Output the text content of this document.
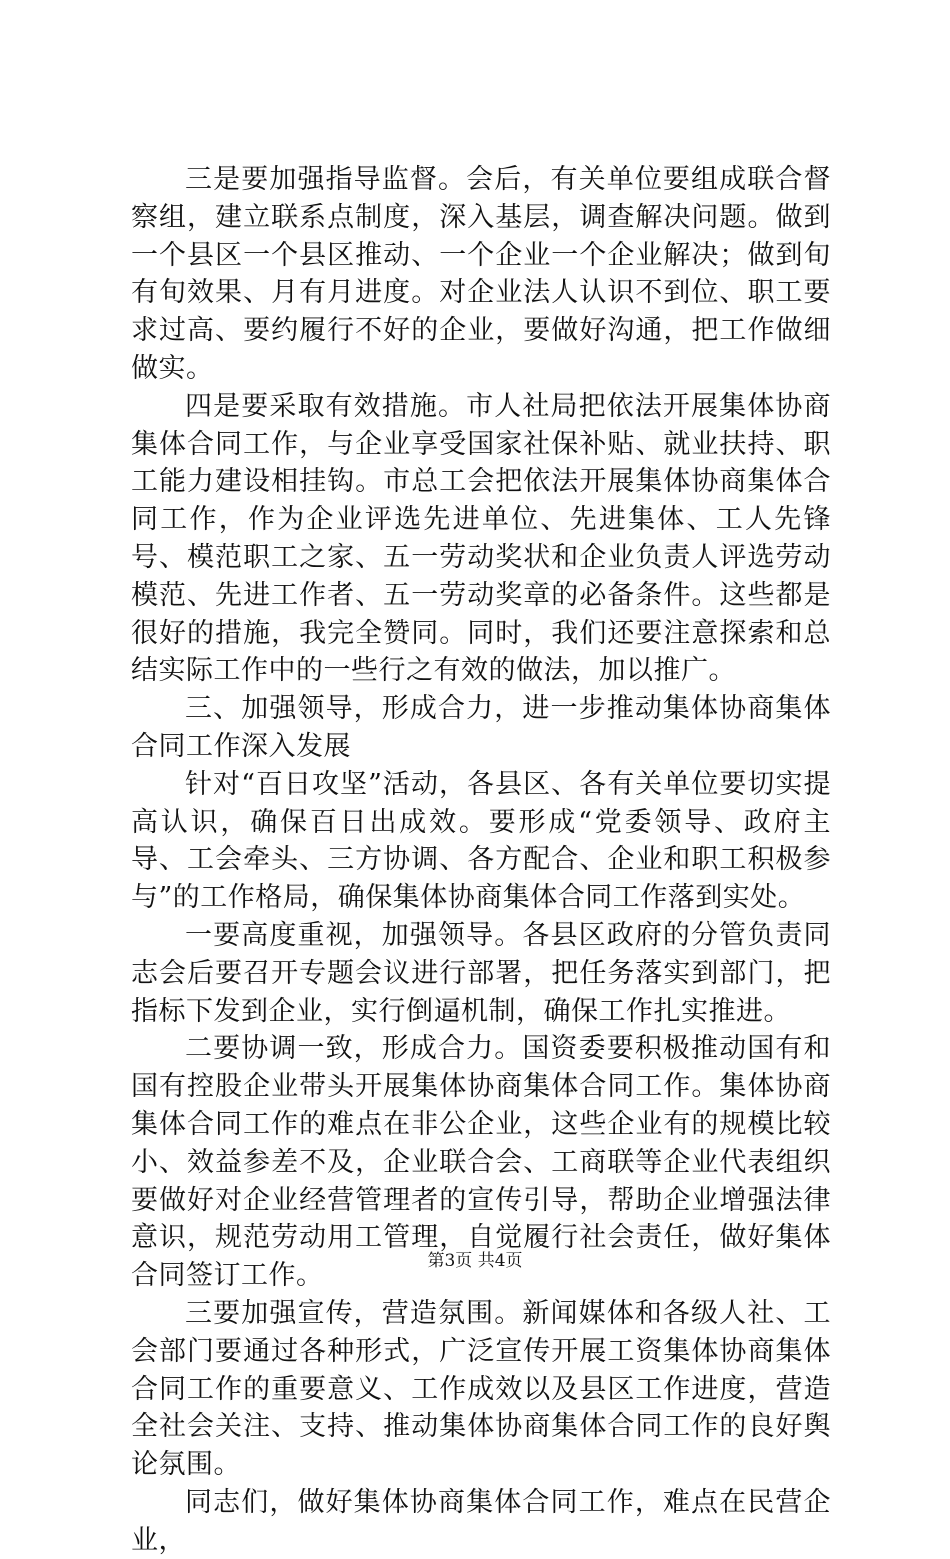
三是要加强指导监督。会后，有关单位要组成联合督察组，建立联系点制度，深入基层，调查解决问题。做到一个县区一个县区推动、一个企业一个企业解决；做到旬有旬效果、月有月进度。对企业法人认识不到位、职工要求过高、要约履行不好的企业，要做好沟通，把工作做细做实。

四是要采取有效措施。市人社局把依法开展集体协商集体合同工作，与企业享受国家社保补贴、就业扶持、职工能力建设相挂钩。市总工会把依法开展集体协商集体合同工作，作为企业评选先进单位、先进集体、工人先锋号、模范职工之家、五一劳动奖状和企业负责人评选劳动模范、先进工作者、五一劳动奖章的必备条件。这些都是很好的措施，我完全赞同。同时，我们还要注意探索和总结实际工作中的一些行之有效的做法，加以推广。

三、加强领导，形成合力，进一步推动集体协商集体合同工作深入发展

针对“百日攻坚”活动，各县区、各有关单位要切实提高认识，确保百日出成效。要形成“党委领导、政府主导、工会牵头、三方协调、各方配合、企业和职工积极参与”的工作格局，确保集体协商集体合同工作落到实处。

一要高度重视，加强领导。各县区政府的分管负责同志会后要召开专题会议进行部署，把任务落实到部门，把指标下发到企业，实行倒逼机制，确保工作扎实推进。

二要协调一致，形成合力。国资委要积极推动国有和国有控股企业带头开展集体协商集体合同工作。集体协商集体合同工作的难点在非公企业，这些企业有的规模比较小、效益参差不及，企业联合会、工商联等企业代表组织要做好对企业经营管理者的宣传引导，帮助企业增强法律意识，规范劳动用工管理，自觉履行社会责任，做好集体合同签订工作。

三要加强宣传，营造氛围。新闻媒体和各级人社、工会部门要通过各种形式，广泛宣传开展工资集体协商集体合同工作的重要意义、工作成效以及县区工作进度，营造全社会关注、支持、推动集体协商集体合同工作的良好舆论氛围。

同志们，做好集体协商集体合同工作，难点在民营企业，

第3页 共4页
